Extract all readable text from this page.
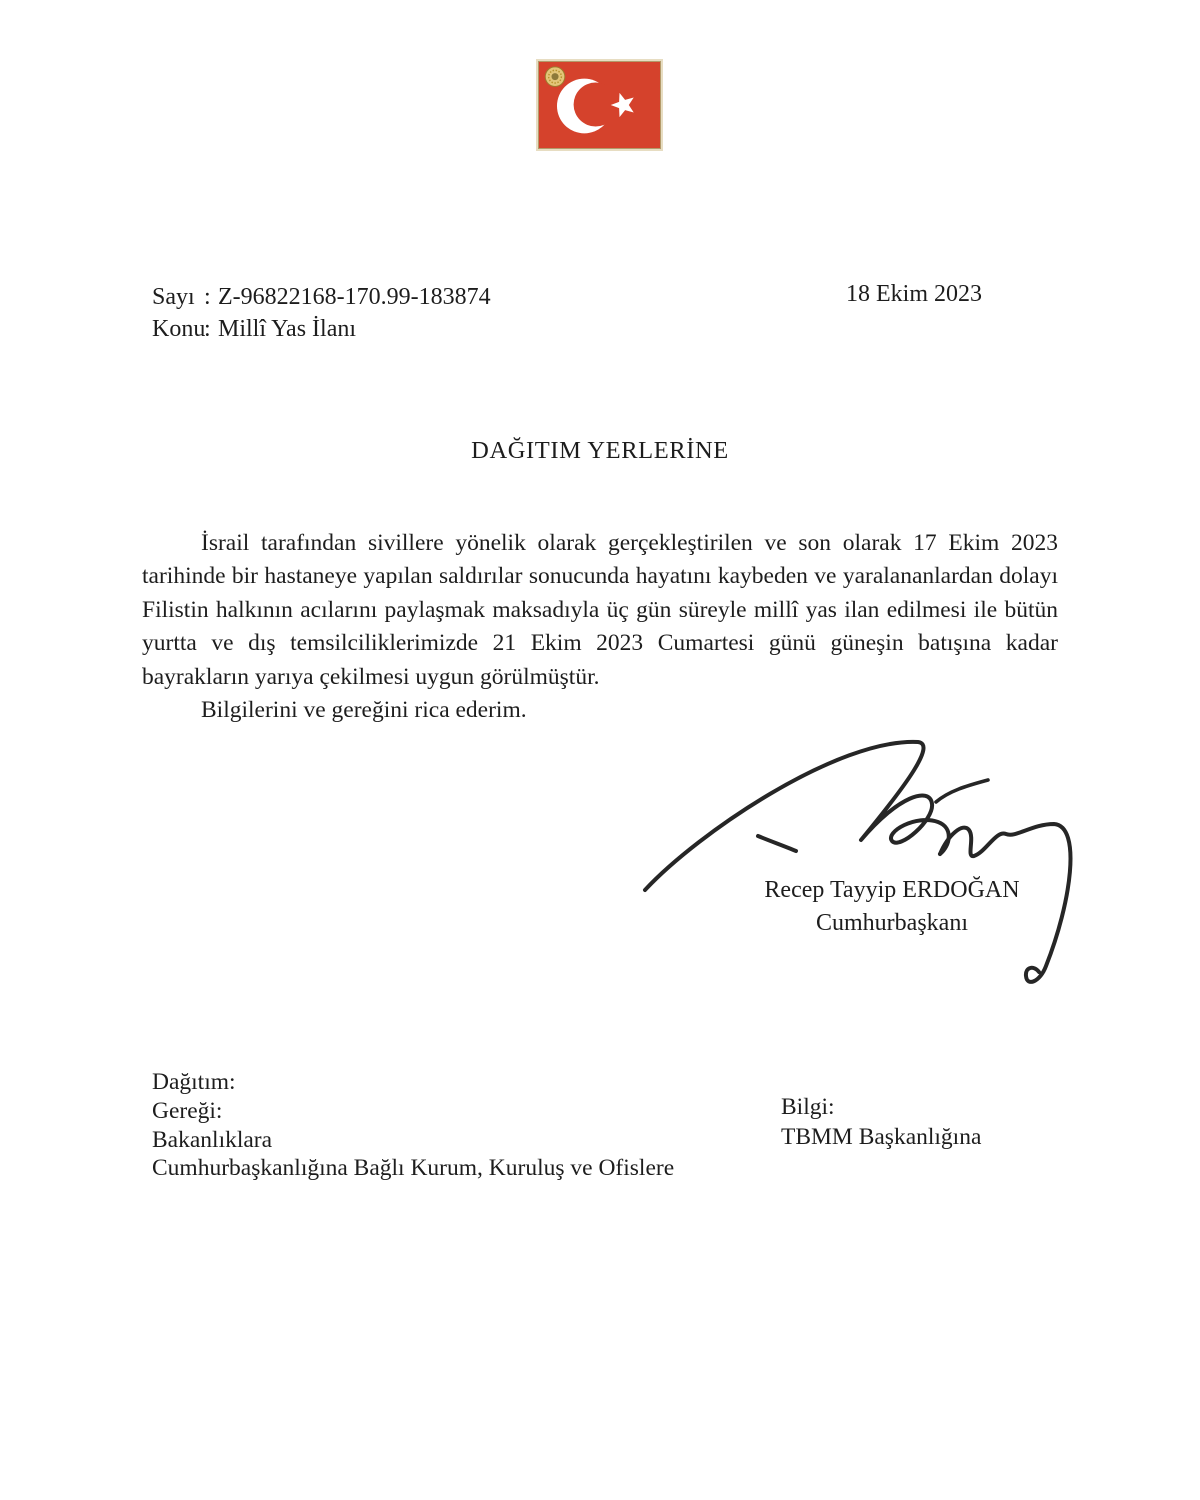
Sayı : Z-96822168-170.99-183874
Konu
: Millî Yas İlanı
18 Ekim 2023
DAĞITIM YERLERİNE

İsrail tarafından sivillere yönelik olarak gerçekleştirilen ve son olarak 17 Ekim 2023 tarihinde bir hastaneye yapılan saldırılar sonucunda hayatını kaybeden ve yaralananlardan dolayı Filistin halkının acılarını paylaşmak maksadıyla üç gün süreyle millî yas ilan edilmesi ile bütün yurtta ve dış temsilciliklerimizde 21 Ekim 2023 Cumartesi günü güneşin batışına kadar bayrakların yarıya çekilmesi uygun görülmüştür.

Bilgilerini ve gereğini rica ederim.

Recep Tayyip ERDOĞAN
Cumhurbaşkanı
Dağıtım:
Gereği:
Bakanlıklara
Cumhurbaşkanlığına Bağlı Kurum, Kuruluş ve Ofislere
Bilgi:
TBMM Başkanlığına
